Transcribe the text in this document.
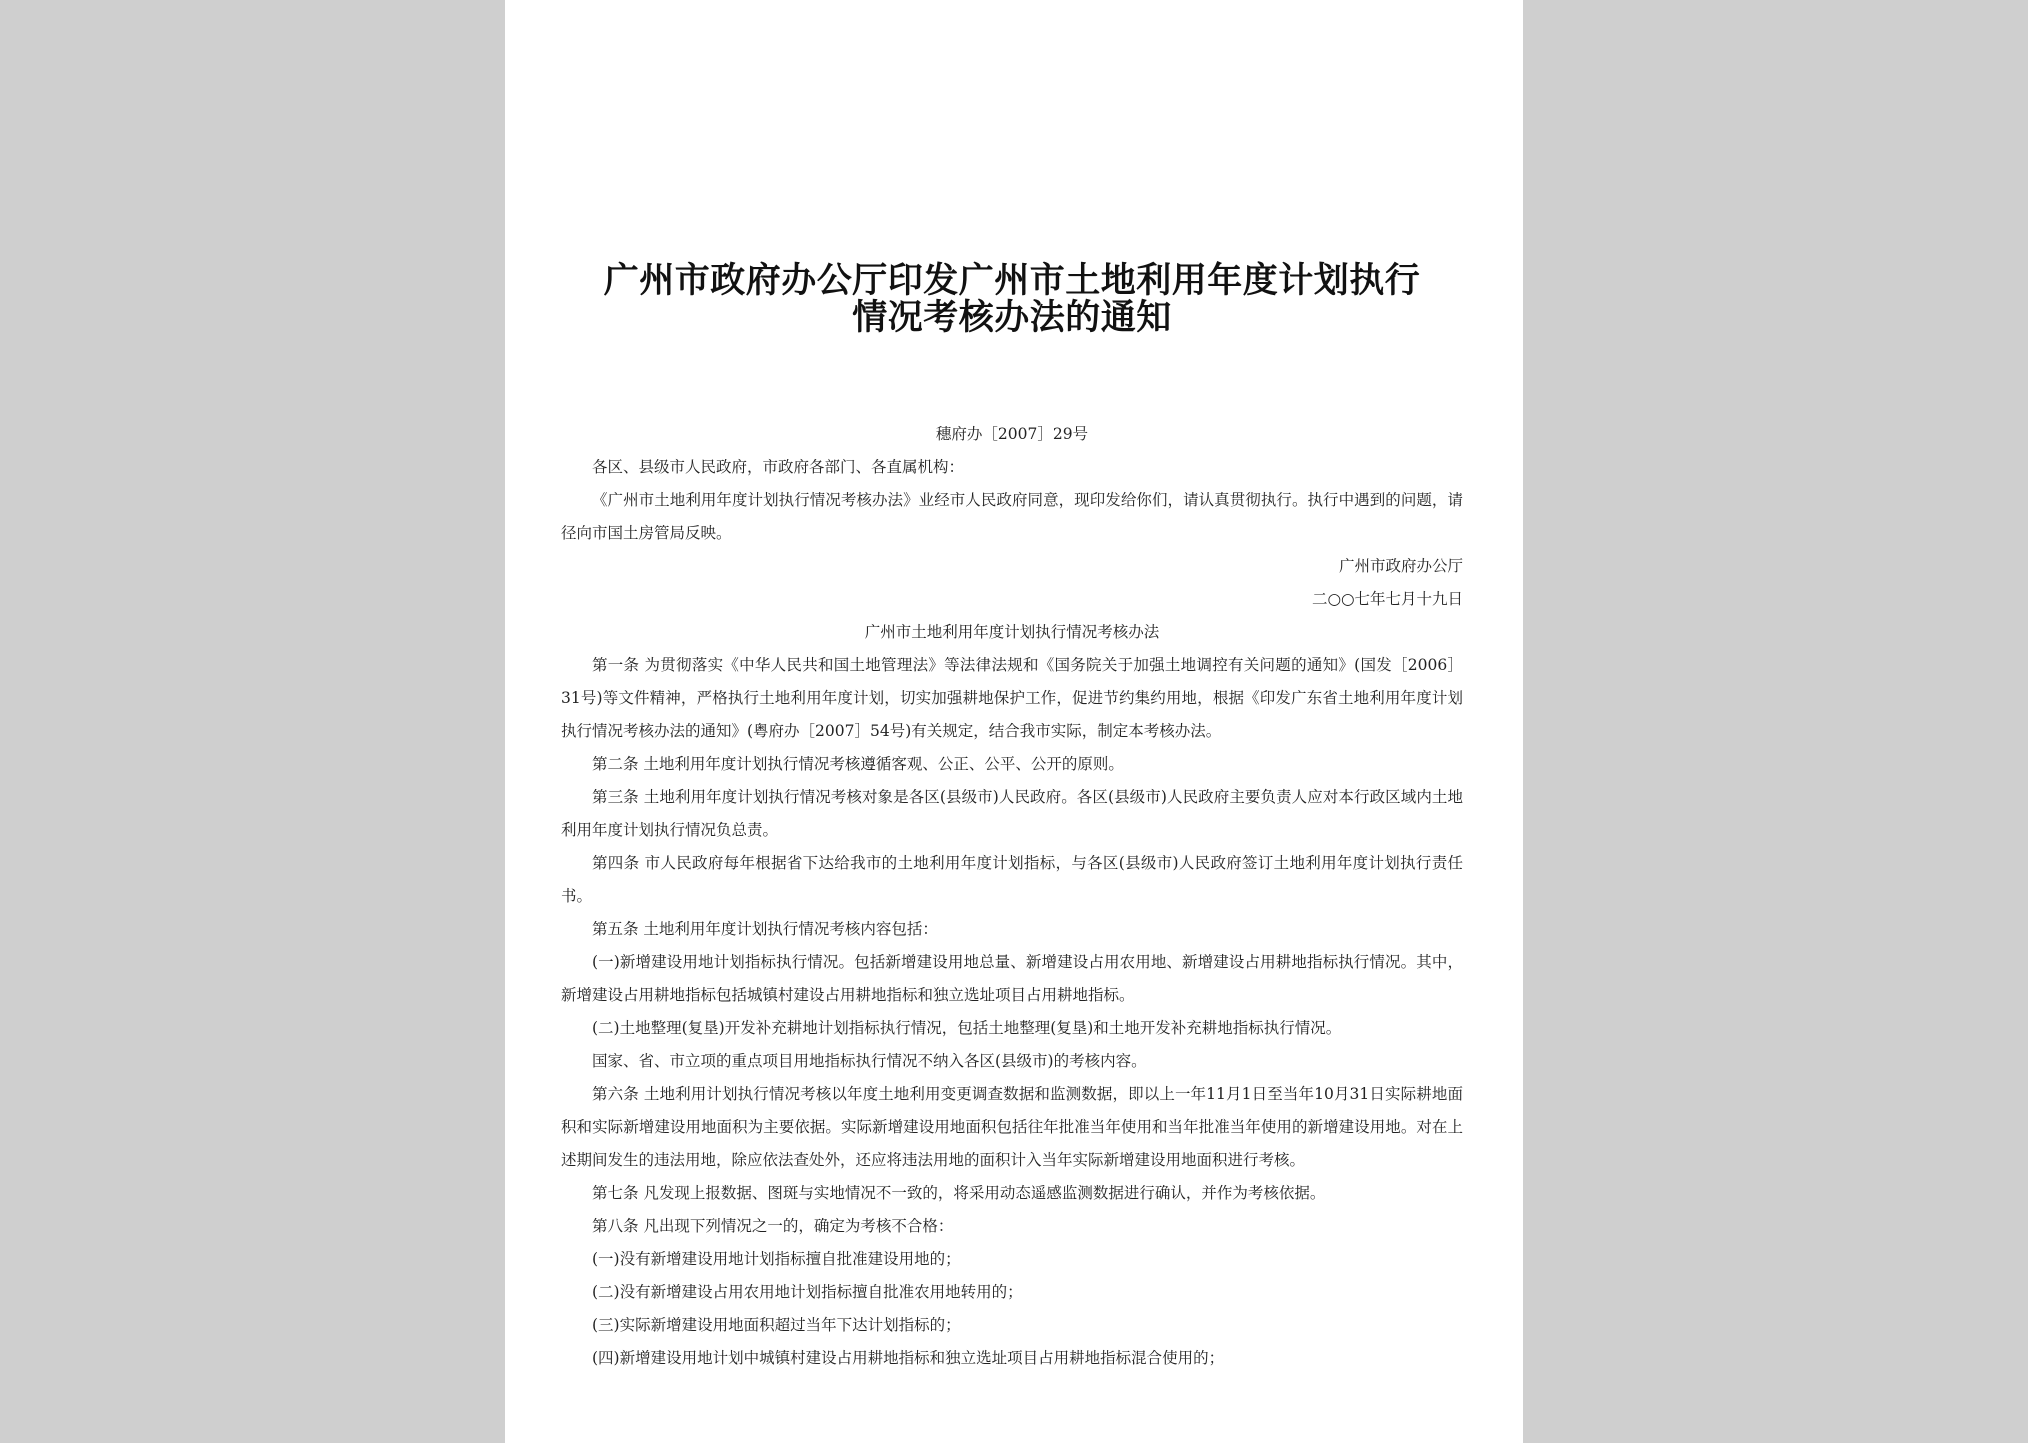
广州市政府办公厅印发广州市土地利用年度计划执行
情况考核办法的通知
穗府办［2007］29号

各区、县级市人民政府，市政府各部门、各直属机构：

《广州市土地利用年度计划执行情况考核办法》业经市人民政府同意，现印发给你们，请认真贯彻执行。执行中遇到的问题，请径向市国土房管局反映。

广州市政府办公厅

二○○七年七月十九日

广州市土地利用年度计划执行情况考核办法

第一条 为贯彻落实《中华人民共和国土地管理法》等法律法规和《国务院关于加强土地调控有关问题的通知》(国发［2006］31号)等文件精神，严格执行土地利用年度计划，切实加强耕地保护工作，促进节约集约用地，根据《印发广东省土地利用年度计划执行情况考核办法的通知》(粤府办［2007］54号)有关规定，结合我市实际，制定本考核办法。

第二条 土地利用年度计划执行情况考核遵循客观、公正、公平、公开的原则。

第三条 土地利用年度计划执行情况考核对象是各区(县级市)人民政府。各区(县级市)人民政府主要负责人应对本行政区域内土地利用年度计划执行情况负总责。

第四条 市人民政府每年根据省下达给我市的土地利用年度计划指标，与各区(县级市)人民政府签订土地利用年度计划执行责任书。

第五条 土地利用年度计划执行情况考核内容包括：

(一)新增建设用地计划指标执行情况。包括新增建设用地总量、新增建设占用农用地、新增建设占用耕地指标执行情况。其中，新增建设占用耕地指标包括城镇村建设占用耕地指标和独立选址项目占用耕地指标。

(二)土地整理(复垦)开发补充耕地计划指标执行情况，包括土地整理(复垦)和土地开发补充耕地指标执行情况。

国家、省、市立项的重点项目用地指标执行情况不纳入各区(县级市)的考核内容。

第六条 土地利用计划执行情况考核以年度土地利用变更调查数据和监测数据，即以上一年11月1日至当年10月31日实际耕地面积和实际新增建设用地面积为主要依据。实际新增建设用地面积包括往年批准当年使用和当年批准当年使用的新增建设用地。对在上述期间发生的违法用地，除应依法查处外，还应将违法用地的面积计入当年实际新增建设用地面积进行考核。

第七条 凡发现上报数据、图斑与实地情况不一致的，将采用动态遥感监测数据进行确认，并作为考核依据。

第八条 凡出现下列情况之一的，确定为考核不合格：

(一)没有新增建设用地计划指标擅自批准建设用地的；

(二)没有新增建设占用农用地计划指标擅自批准农用地转用的；

(三)实际新增建设用地面积超过当年下达计划指标的；

(四)新增建设用地计划中城镇村建设占用耕地指标和独立选址项目占用耕地指标混合使用的；
